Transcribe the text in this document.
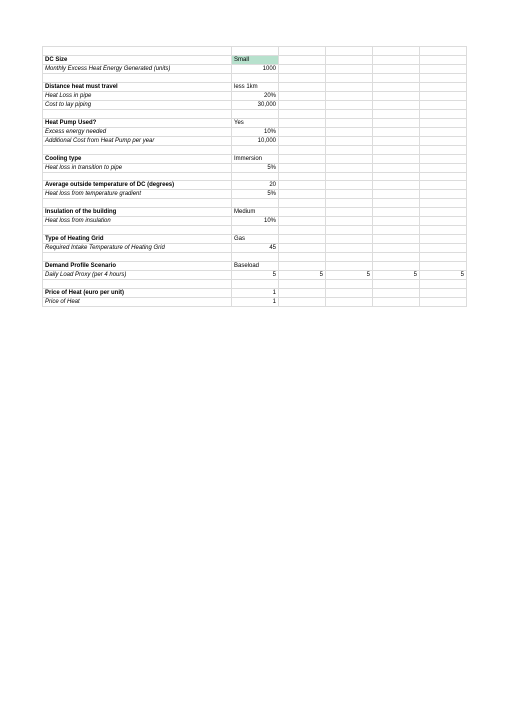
DC Size	Small				
Monthly Excess Heat Energy Generated (units)	1000				

Distance heat must travel	less 1km				
Heat Loss in pipe	20%				
Cost to lay piping	30,000				

Heat Pump Used?	Yes				
Excess energy needed	10%				
Additional Cost from Heat Pump per year	10,000				

Cooling type	Immersion				
Heat loss in transition to pipe	5%				

Average outside temperature of DC (degrees)	20				
Heat loss from temperature gradient	5%				

Insulation of the building	Medium				
Heat loss from insulation	10%				

Type of Heating Grid	Gas				
Required Intake Temperature of Heating Grid	45				

Demand Profile Scenario	Baseload				
Daily Load Proxy (per 4 hours)	5	5	5	5	5

Price of Heat (euro per unit)	1				
Price of Heat	1				
